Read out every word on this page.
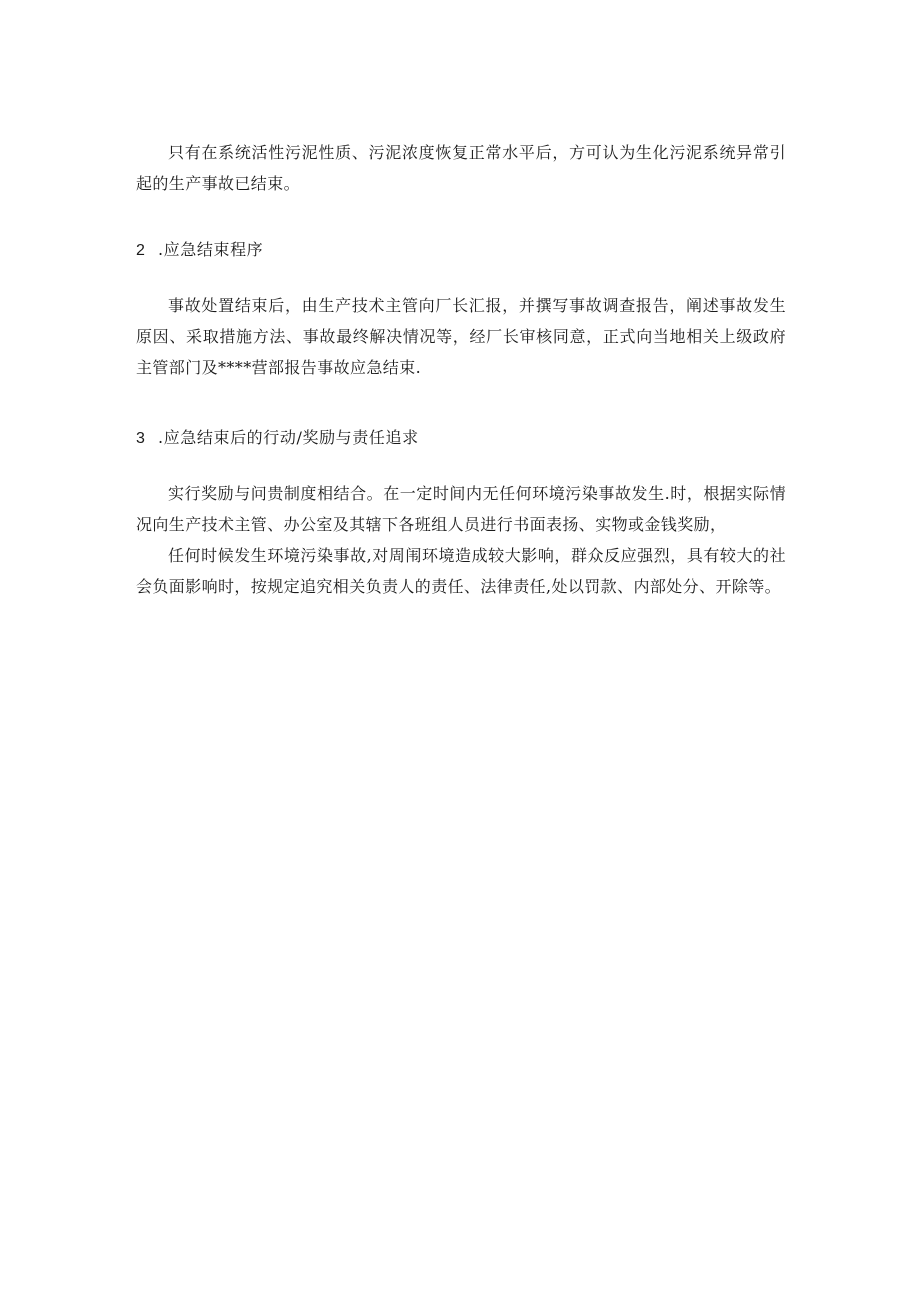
只有在系统活性污泥性质、污泥浓度恢复正常水平后，方可认为生化污泥系统异常引起的生产事故已结束。

2 .应急结束程序

事故处置结束后，由生产技术主管向厂长汇报，并撰写事故调查报告，阐述事故发生原因、采取措施方法、事故最终解决情况等，经厂长审核同意，正式向当地相关上级政府主管部门及****营部报告事故应急结束.

3 .应急结束后的行动/奖励与责任追求

实行奖励与问贵制度相结合。在一定时间内无任何环境污染事故发生.时，根据实际情况向生产技术主管、办公室及其辖下各班组人员进行书面表扬、实物或金钱奖励，

任何时候发生环境污染事故,对周闱环境造成较大影响，群众反应强烈，具有较大的社会负面影响时，按规定追究相关负责人的责任、法律责任,处以罚款、内部处分、开除等。
